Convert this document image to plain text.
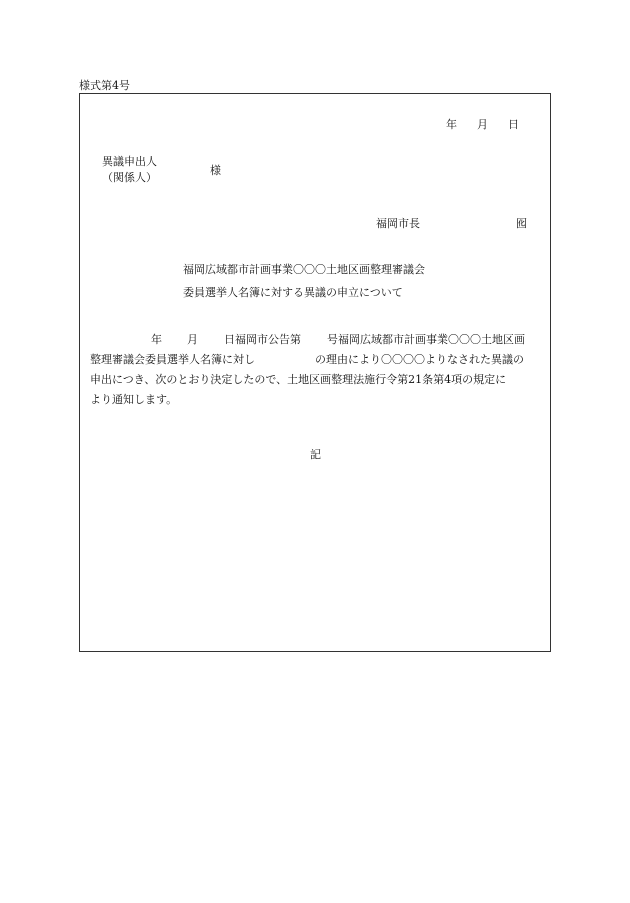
様式第4号
年 月 日
異議申出人
（関係人）
様
福岡市長	囮
福岡広域都市計画事業〇〇〇土地区画整理審議会
委員選挙人名簿に対する異議の申立について
年 月 日福岡市公告第 号福岡広域都市計画事業〇〇〇土地区画
整理審議会委員選挙人名簿に対し	の理由により〇〇〇〇よりなされた異議の
申出につき、次のとおり決定したので、土地区画整理法施行令第21条第4項の規定に
より通知します。
記
